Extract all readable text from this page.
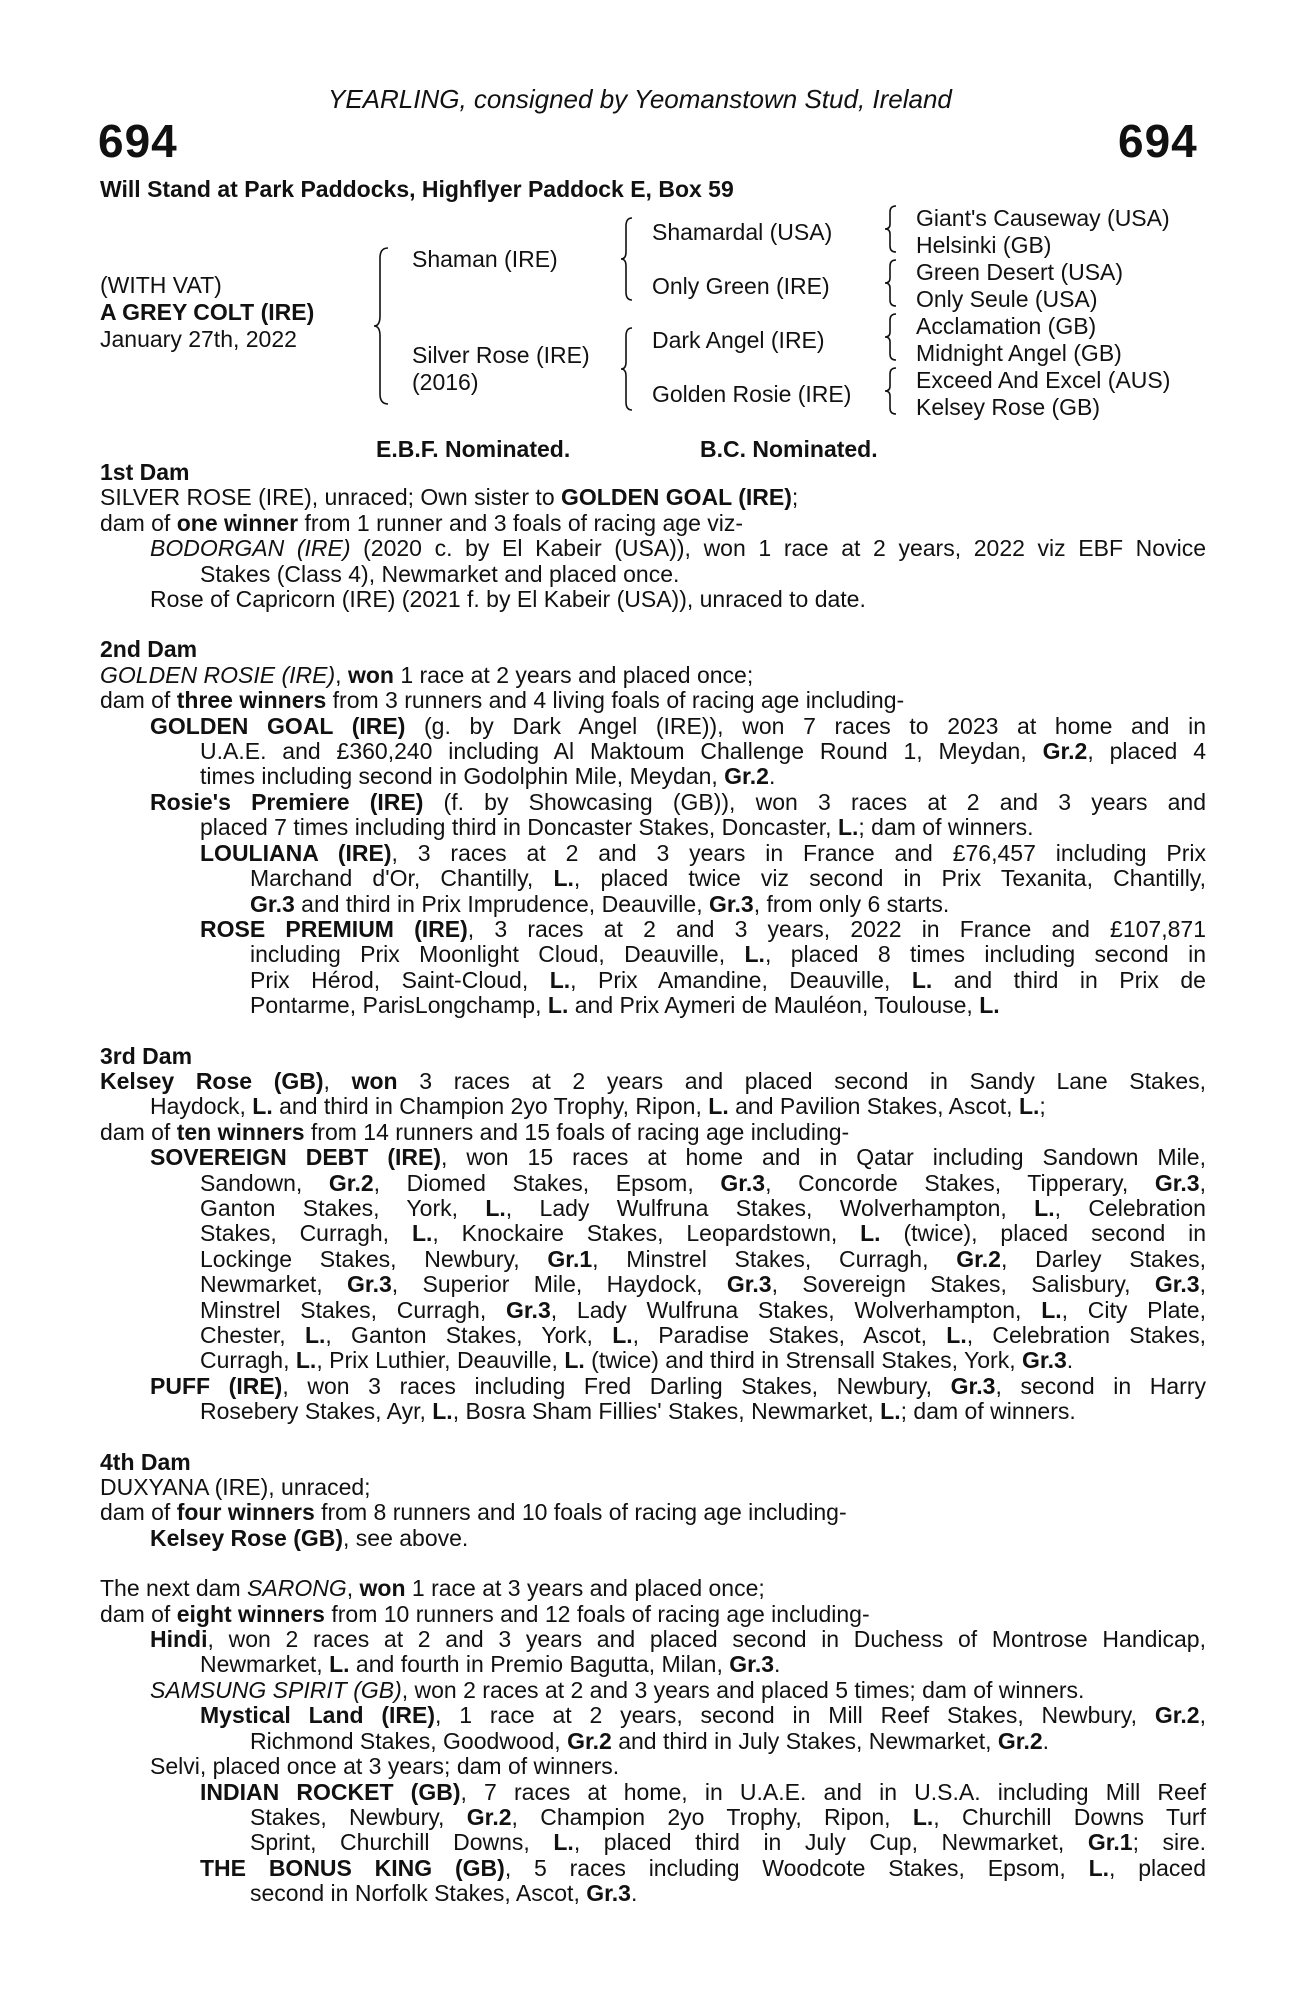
YEARLING, consigned by Yeomanstown Stud, Ireland
694	694
Will Stand at Park Paddocks, Highflyer Paddock E, Box 59
(WITH VAT)
A GREY COLT (IRE)
January 27th, 2022
Shaman (IRE)
Silver Rose (IRE)
(2016)
Shamardal (USA)
Only Green (IRE)
Dark Angel (IRE)
Golden Rosie (IRE)
Giant's Causeway (USA)
Helsinki (GB)
Green Desert (USA)
Only Seule (USA)
Acclamation (GB)
Midnight Angel (GB)
Exceed And Excel (AUS)
Kelsey Rose (GB)
E.B.F. Nominated.	B.C. Nominated.
1st Dam
SILVER ROSE (IRE), unraced; Own sister to GOLDEN GOAL (IRE);
dam of one winner from 1 runner and 3 foals of racing age viz-
BODORGAN (IRE) (2020 c. by El Kabeir (USA)), won 1 race at 2 years, 2022 viz EBF Novice
Stakes (Class 4), Newmarket and placed once.
Rose of Capricorn (IRE) (2021 f. by El Kabeir (USA)), unraced to date.
2nd Dam
GOLDEN ROSIE (IRE), won 1 race at 2 years and placed once;
dam of three winners from 3 runners and 4 living foals of racing age including-
GOLDEN GOAL (IRE) (g. by Dark Angel (IRE)), won 7 races to 2023 at home and in
U.A.E. and £360,240 including Al Maktoum Challenge Round 1, Meydan, Gr.2, placed 4
times including second in Godolphin Mile, Meydan, Gr.2.
Rosie's Premiere (IRE) (f. by Showcasing (GB)), won 3 races at 2 and 3 years and
placed 7 times including third in Doncaster Stakes, Doncaster, L.; dam of winners.
LOULIANA (IRE), 3 races at 2 and 3 years in France and £76,457 including Prix
Marchand d'Or, Chantilly, L., placed twice viz second in Prix Texanita, Chantilly,
Gr.3 and third in Prix Imprudence, Deauville, Gr.3, from only 6 starts.
ROSE PREMIUM (IRE), 3 races at 2 and 3 years, 2022 in France and £107,871
including Prix Moonlight Cloud, Deauville, L., placed 8 times including second in
Prix Hérod, Saint-Cloud, L., Prix Amandine, Deauville, L. and third in Prix de
Pontarme, ParisLongchamp, L. and Prix Aymeri de Mauléon, Toulouse, L.
3rd Dam
Kelsey Rose (GB), won 3 races at 2 years and placed second in Sandy Lane Stakes,
Haydock, L. and third in Champion 2yo Trophy, Ripon, L. and Pavilion Stakes, Ascot, L.;
dam of ten winners from 14 runners and 15 foals of racing age including-
SOVEREIGN DEBT (IRE), won 15 races at home and in Qatar including Sandown Mile,
Sandown, Gr.2, Diomed Stakes, Epsom, Gr.3, Concorde Stakes, Tipperary, Gr.3,
Ganton Stakes, York, L., Lady Wulfruna Stakes, Wolverhampton, L., Celebration
Stakes, Curragh, L., Knockaire Stakes, Leopardstown, L. (twice), placed second in
Lockinge Stakes, Newbury, Gr.1, Minstrel Stakes, Curragh, Gr.2, Darley Stakes,
Newmarket, Gr.3, Superior Mile, Haydock, Gr.3, Sovereign Stakes, Salisbury, Gr.3,
Minstrel Stakes, Curragh, Gr.3, Lady Wulfruna Stakes, Wolverhampton, L., City Plate,
Chester, L., Ganton Stakes, York, L., Paradise Stakes, Ascot, L., Celebration Stakes,
Curragh, L., Prix Luthier, Deauville, L. (twice) and third in Strensall Stakes, York, Gr.3.
PUFF (IRE), won 3 races including Fred Darling Stakes, Newbury, Gr.3, second in Harry
Rosebery Stakes, Ayr, L., Bosra Sham Fillies' Stakes, Newmarket, L.; dam of winners.
4th Dam
DUXYANA (IRE), unraced;
dam of four winners from 8 runners and 10 foals of racing age including-
Kelsey Rose (GB), see above.
The next dam SARONG, won 1 race at 3 years and placed once;
dam of eight winners from 10 runners and 12 foals of racing age including-
Hindi, won 2 races at 2 and 3 years and placed second in Duchess of Montrose Handicap,
Newmarket, L. and fourth in Premio Bagutta, Milan, Gr.3.
SAMSUNG SPIRIT (GB), won 2 races at 2 and 3 years and placed 5 times; dam of winners.
Mystical Land (IRE), 1 race at 2 years, second in Mill Reef Stakes, Newbury, Gr.2,
Richmond Stakes, Goodwood, Gr.2 and third in July Stakes, Newmarket, Gr.2.
Selvi, placed once at 3 years; dam of winners.
INDIAN ROCKET (GB), 7 races at home, in U.A.E. and in U.S.A. including Mill Reef
Stakes, Newbury, Gr.2, Champion 2yo Trophy, Ripon, L., Churchill Downs Turf
Sprint, Churchill Downs, L., placed third in July Cup, Newmarket, Gr.1; sire.
THE BONUS KING (GB), 5 races including Woodcote Stakes, Epsom, L., placed
second in Norfolk Stakes, Ascot, Gr.3.
